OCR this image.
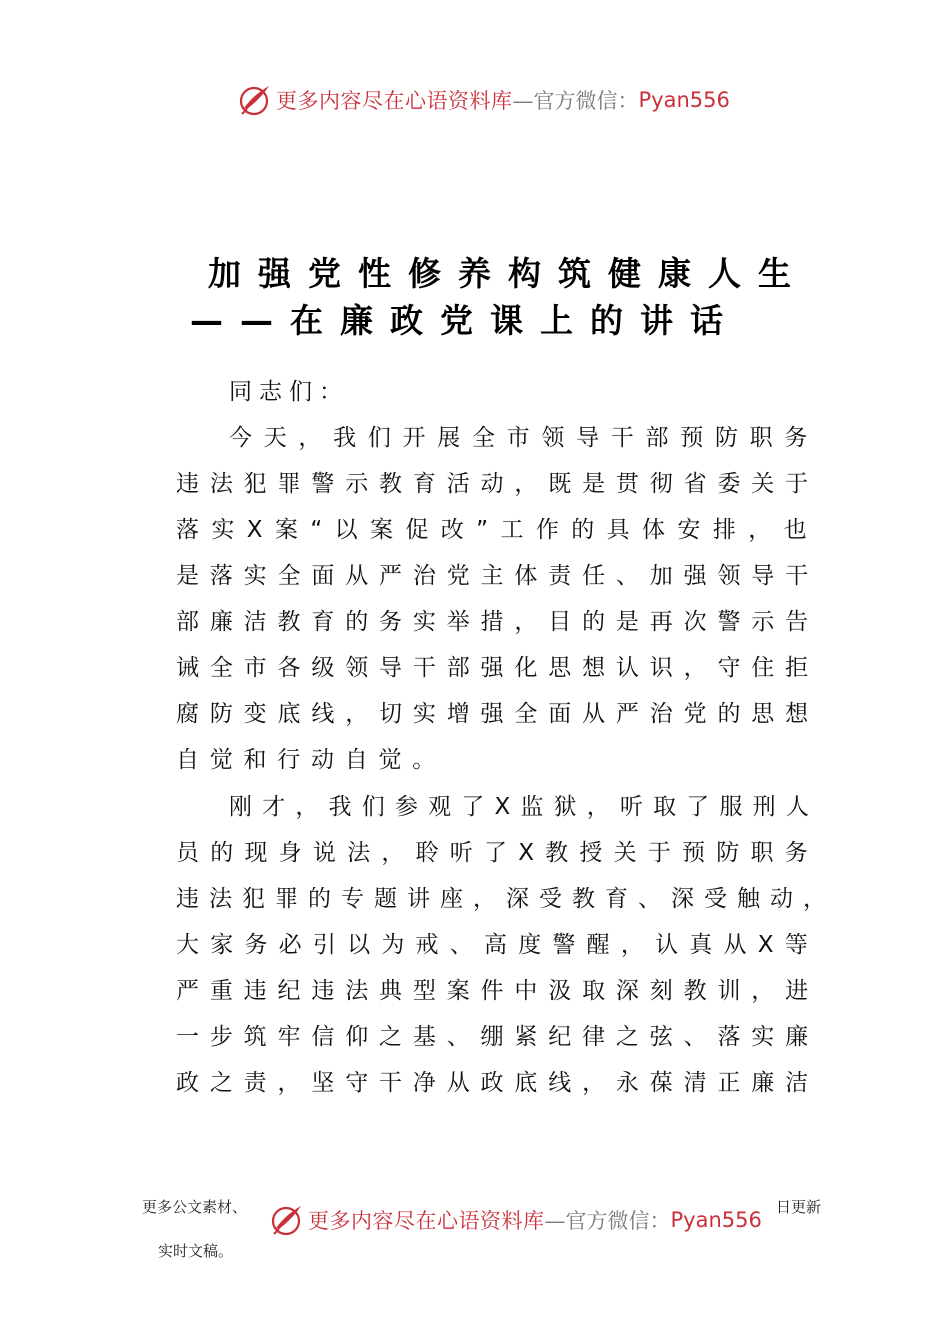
更多内容尽在心语资料库 —官方微信： Pyan556
加强党性修养构筑健康人生
——在廉政党课上的讲话
同志们：
今天，我们开展全市领导干部预防职务
违法犯罪警示教育活动，既是贯彻省委关于
落实X案“以案促改”工作的具体安排，也
是落实全面从严治党主体责任、加强领导干
部廉洁教育的务实举措，目的是再次警示告
诫全市各级领导干部强化思想认识，守住拒
腐防变底线，切实增强全面从严治党的思想
自觉和行动自觉。
刚才，我们参观了X监狱，听取了服刑人
员的现身说法，聆听了X教授关于预防职务
违法犯罪的专题讲座，深受教育、深受触动，
大家务必引以为戒、高度警醒，认真从X等
严重违纪违法典型案件中汲取深刻教训，进
一步筑牢信仰之基、绷紧纪律之弦、落实廉
政之责，坚守干净从政底线，永葆清正廉洁
更多公文素材、	日更新
实时文稿。
更多内容尽在心语资料库 —官方微信： Pyan556
